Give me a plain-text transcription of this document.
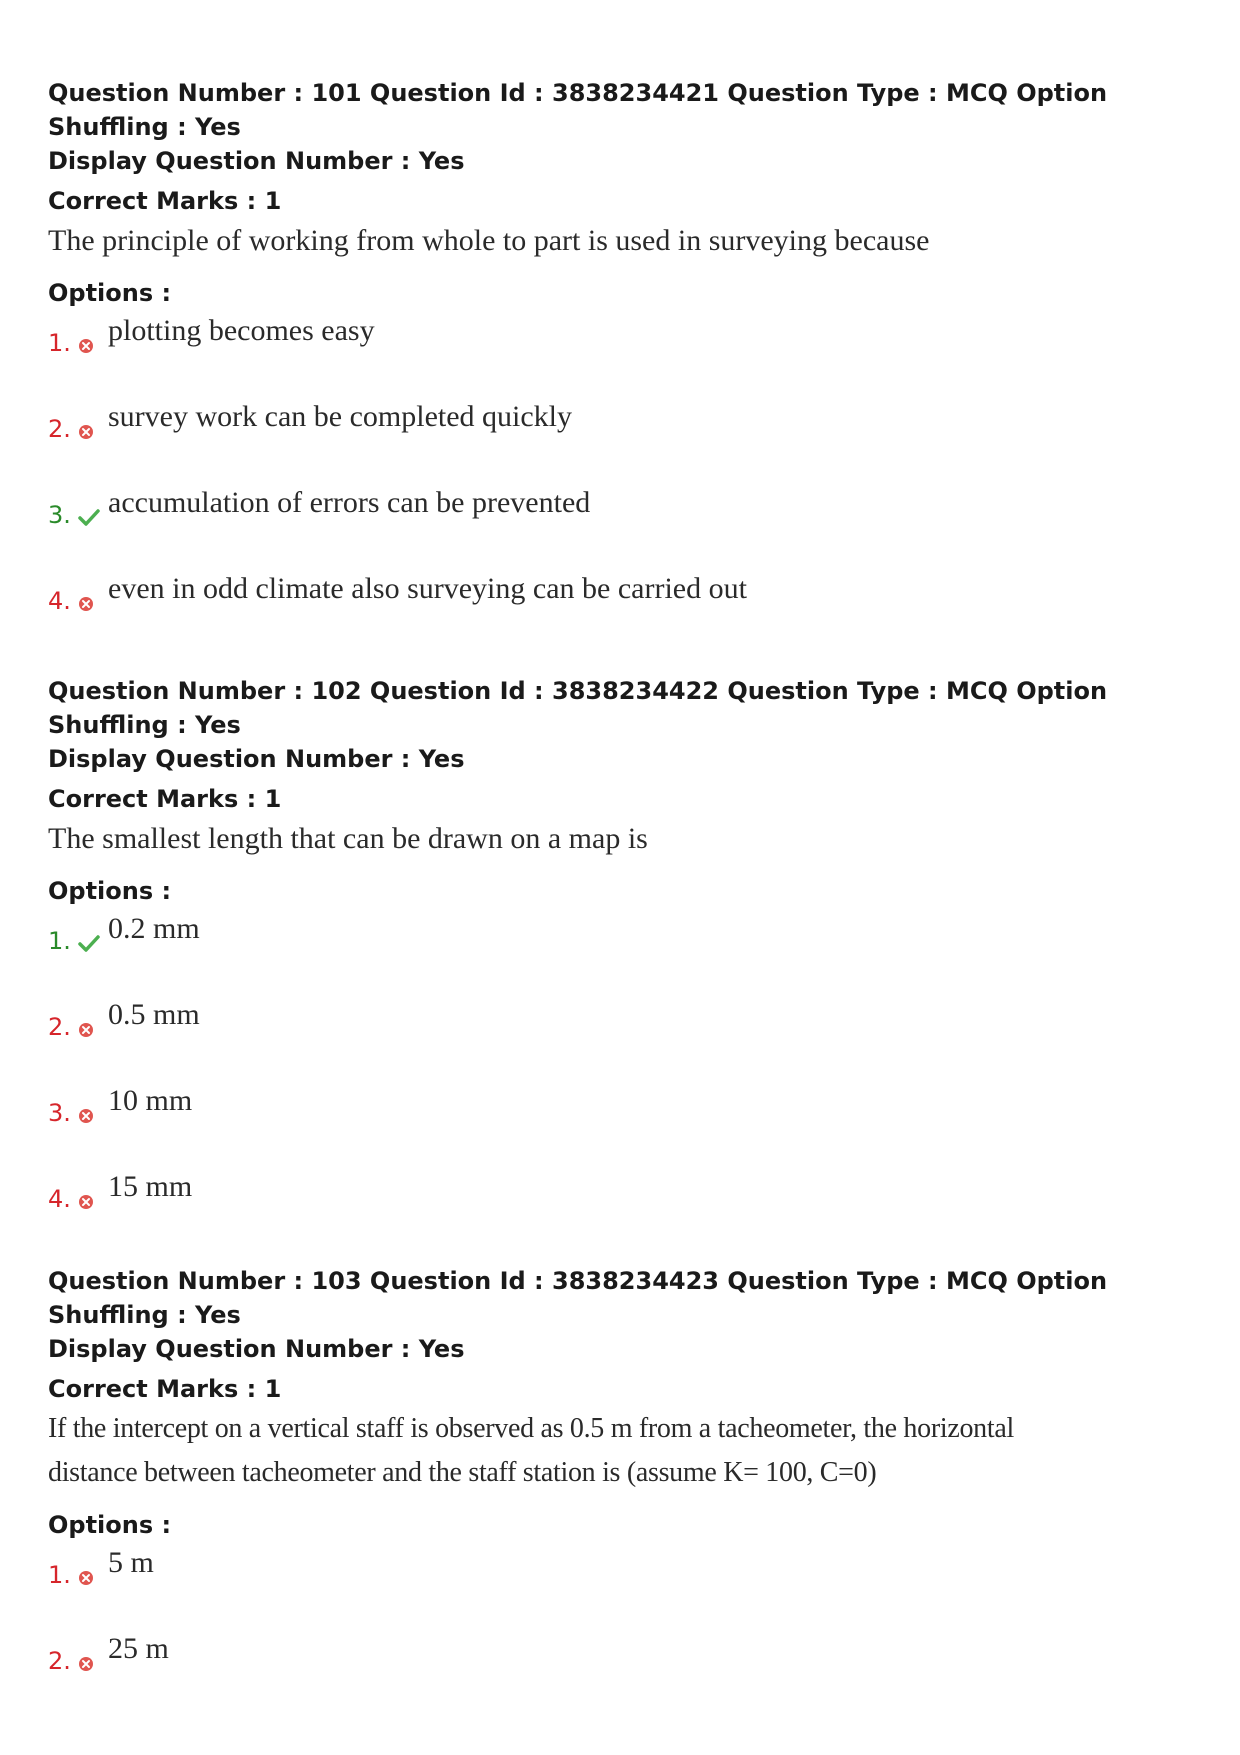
Question Number : 101 Question Id : 3838234421 Question Type : MCQ Option Shuffling : Yes
Display Question Number : Yes
Correct Marks : 1
The principle of working from whole to part is used in surveying because
Options :
1. plotting becomes easy
2. survey work can be completed quickly
3. accumulation of errors can be prevented
4. even in odd climate also surveying can be carried out
Question Number : 102 Question Id : 3838234422 Question Type : MCQ Option Shuffling : Yes
Display Question Number : Yes
Correct Marks : 1
The smallest length that can be drawn on a map is
Options :
1. 0.2 mm
2. 0.5 mm
3. 10 mm
4. 15 mm
Question Number : 103 Question Id : 3838234423 Question Type : MCQ Option Shuffling : Yes
Display Question Number : Yes
Correct Marks : 1
If the intercept on a vertical staff is observed as 0.5 m from a tacheometer, the horizontal
distance between tacheometer and the staff station is (assume K= 100, C=0)
Options :
1. 5 m
2. 25 m
